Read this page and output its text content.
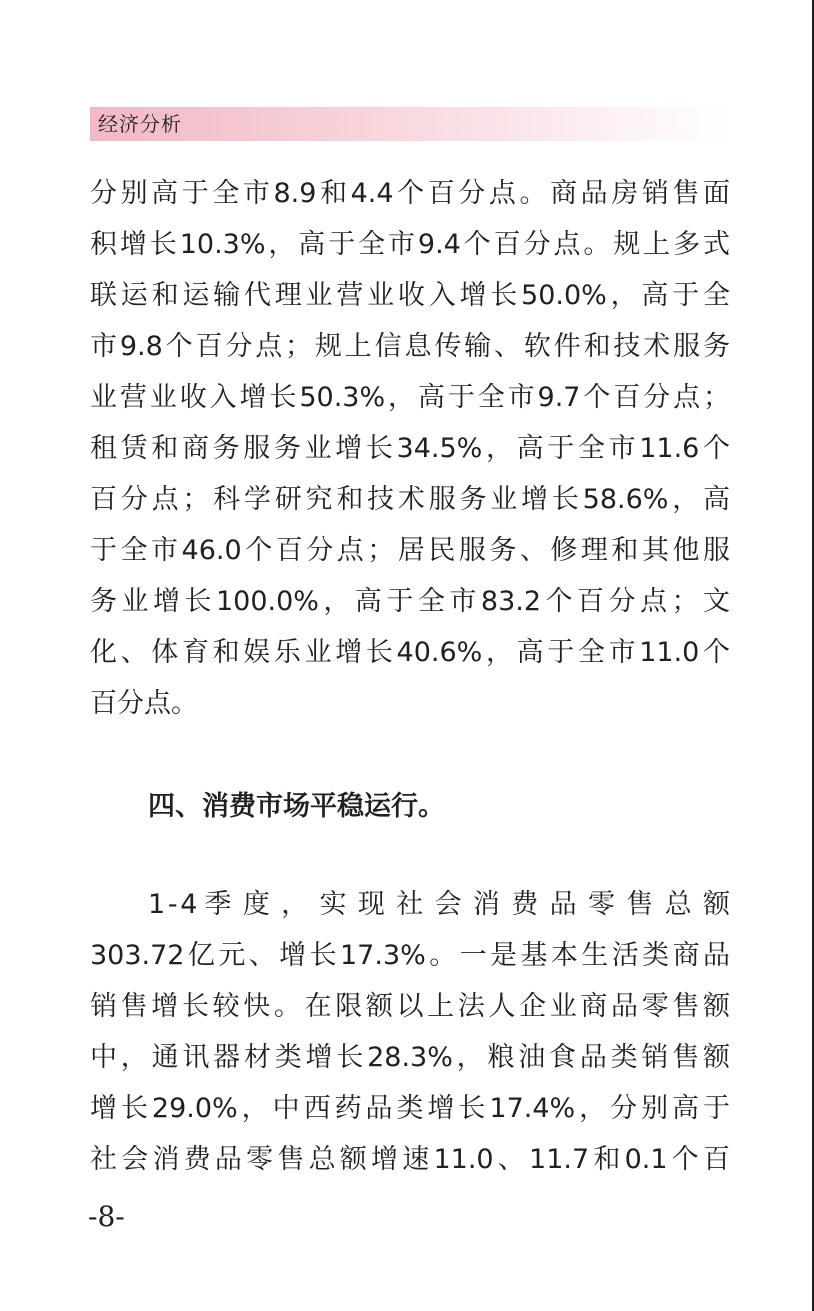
经济分析
分别高于全市8.9和4.4个百分点。商品房销售面
积增长10.3%，高于全市9.4个百分点。规上多式
联运和运输代理业营业收入增长50.0%，高于全
市9.8个百分点；规上信息传输、软件和技术服务
业营业收入增长50.3%，高于全市9.7个百分点；
租赁和商务服务业增长34.5%，高于全市11.6个
百分点；科学研究和技术服务业增长58.6%，高
于全市46.0个百分点；居民服务、修理和其他服
务业增长100.0%，高于全市83.2个百分点；文
化、体育和娱乐业增长40.6%，高于全市11.0个
百分点。
四、消费市场平稳运行。
1 - 4 季 度 ， 实 现 社 会 消 费 品 零 售 总 额
303.72亿元、增长17.3%。一是基本生活类商品
销售增长较快。在限额以上法人企业商品零售额
中，通讯器材类增长28.3%，粮油食品类销售额
增长29.0%，中西药品类增长17.4%，分别高于
社会消费品零售总额增速11.0、11.7和0.1个百
-8-
